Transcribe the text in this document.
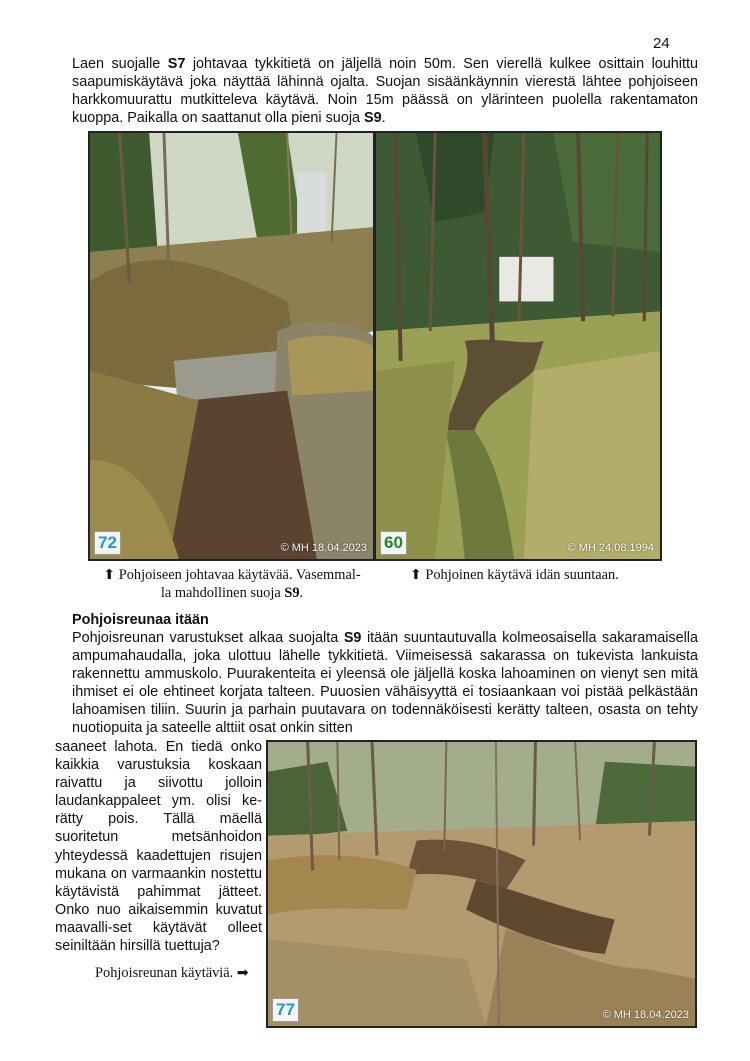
24

Laen suojalle S7 johtavaa tykkitietä on jäljellä noin 50m. Sen vierellä kulkee osittain louhittu saapumiskäytävä joka näyttää lähinnä ojalta. Suojan sisäänkäynnin vierestä lähtee pohjoiseen harkkomuurattu mutkitteleva käytävä. Noin 15m päässä on ylärinteen puolella rakentamaton kuoppa. Paikalla on saattanut olla pieni suoja S9.

72	© MH 18.04.2023 60	© MH 24.08.1994
⬆ Pohjoiseen johtavaa käytävää. Vasemmal-
la mahdollinen suoja S9.
⬆ Pohjoinen käytävä idän suuntaan.
Pohjoisreunaa itään

Pohjoisreunan varustukset alkaa suojalta S9 itään suuntautuvalla kolmeosaisella sakaramaisella ampumahaudalla, joka ulottuu lähelle tykkitietä. Viimeisessä sakarassa on tukevista lankuista rakennettu ammuskolo. Puurakenteita ei yleensä ole jäljellä koska lahoaminen on vienyt sen mitä ihmiset ei ole ehtineet korjata talteen. Puuosien vähäisyyttä ei tosiaankaan voi pistää pelkästään lahoamisen tiliin. Suurin ja parhain puutavara on todennäköisesti kerätty talteen, osasta on tehty nuotiopuita ja sateelle alttiit osat onkin sitten

saaneet lahota. En tiedä onko kaikkia varustuksia koskaan raivattu ja siivottu jolloin laudankappaleet ym. olisi ke-rätty pois. Tällä mäellä suoritetun metsänhoidon yhteydessä kaadettujen risujen mukana on varmaankin nostettu käytävistä pahimmat jätteet. Onko nuo aikaisemmin kuvatut maavalli-set käytävät olleet seiniltään hirsillä tuettuja?

77	© MH 18.04.2023
Pohjoisreunan käytäviä. ➡
